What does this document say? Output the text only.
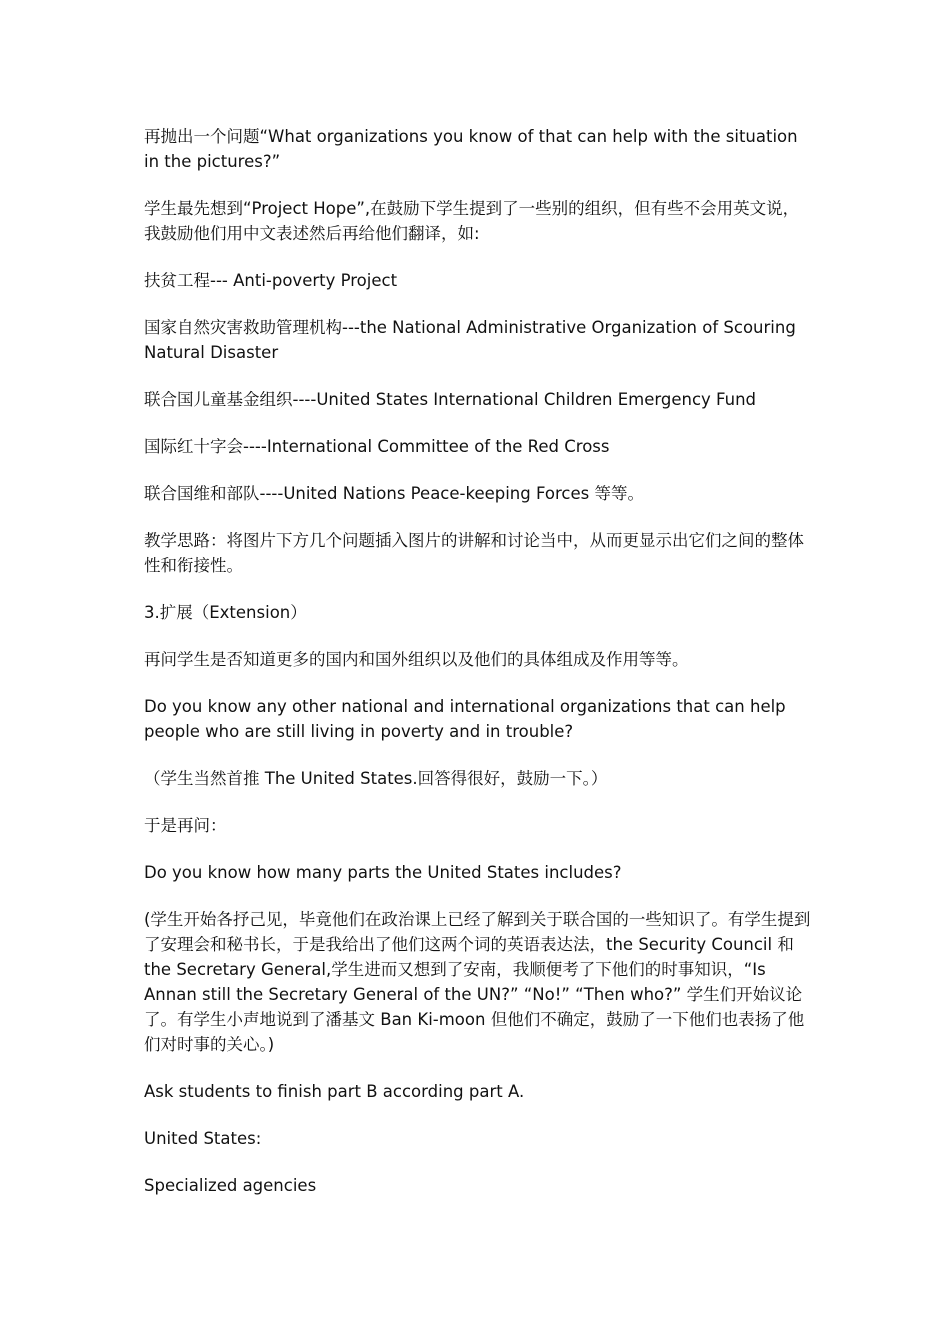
再抛出一个问题“What organizations you know of that can help with the situation in the pictures?”

学生最先想到“Project Hope”,在鼓励下学生提到了一些别的组织，但有些不会用英文说，我鼓励他们用中文表述然后再给他们翻译，如:

扶贫工程--- Anti-poverty Project

国家自然灾害救助管理机构---the National Administrative Organization of Scouring Natural Disaster

联合国儿童基金组织----United States International Children Emergency Fund

国际红十字会----International Committee of the Red Cross

联合国维和部队----United Nations Peace-keeping Forces 等等。

教学思路：将图片下方几个问题插入图片的讲解和讨论当中，从而更显示出它们之间的整体性和衔接性。

3.扩展（Extension）

再问学生是否知道更多的国内和国外组织以及他们的具体组成及作用等等。

Do you know any other national and international organizations that can help people who are still living in poverty and in trouble?

（学生当然首推 The United States.回答得很好，鼓励一下。）

于是再问：

Do you know how many parts the United States includes?

(学生开始各抒己见，毕竟他们在政治课上已经了解到关于联合国的一些知识了。有学生提到了安理会和秘书长，于是我给出了他们这两个词的英语表达法，the Security Council 和 the Secretary General,学生进而又想到了安南，我顺便考了下他们的时事知识，“Is Annan still the Secretary General of the UN?” “No!” “Then who?” 学生们开始议论了。有学生小声地说到了潘基文 Ban Ki-moon 但他们不确定，鼓励了一下他们也表扬了他们对时事的关心。)

Ask students to finish part B according part A.

United States:

Specialized agencies
